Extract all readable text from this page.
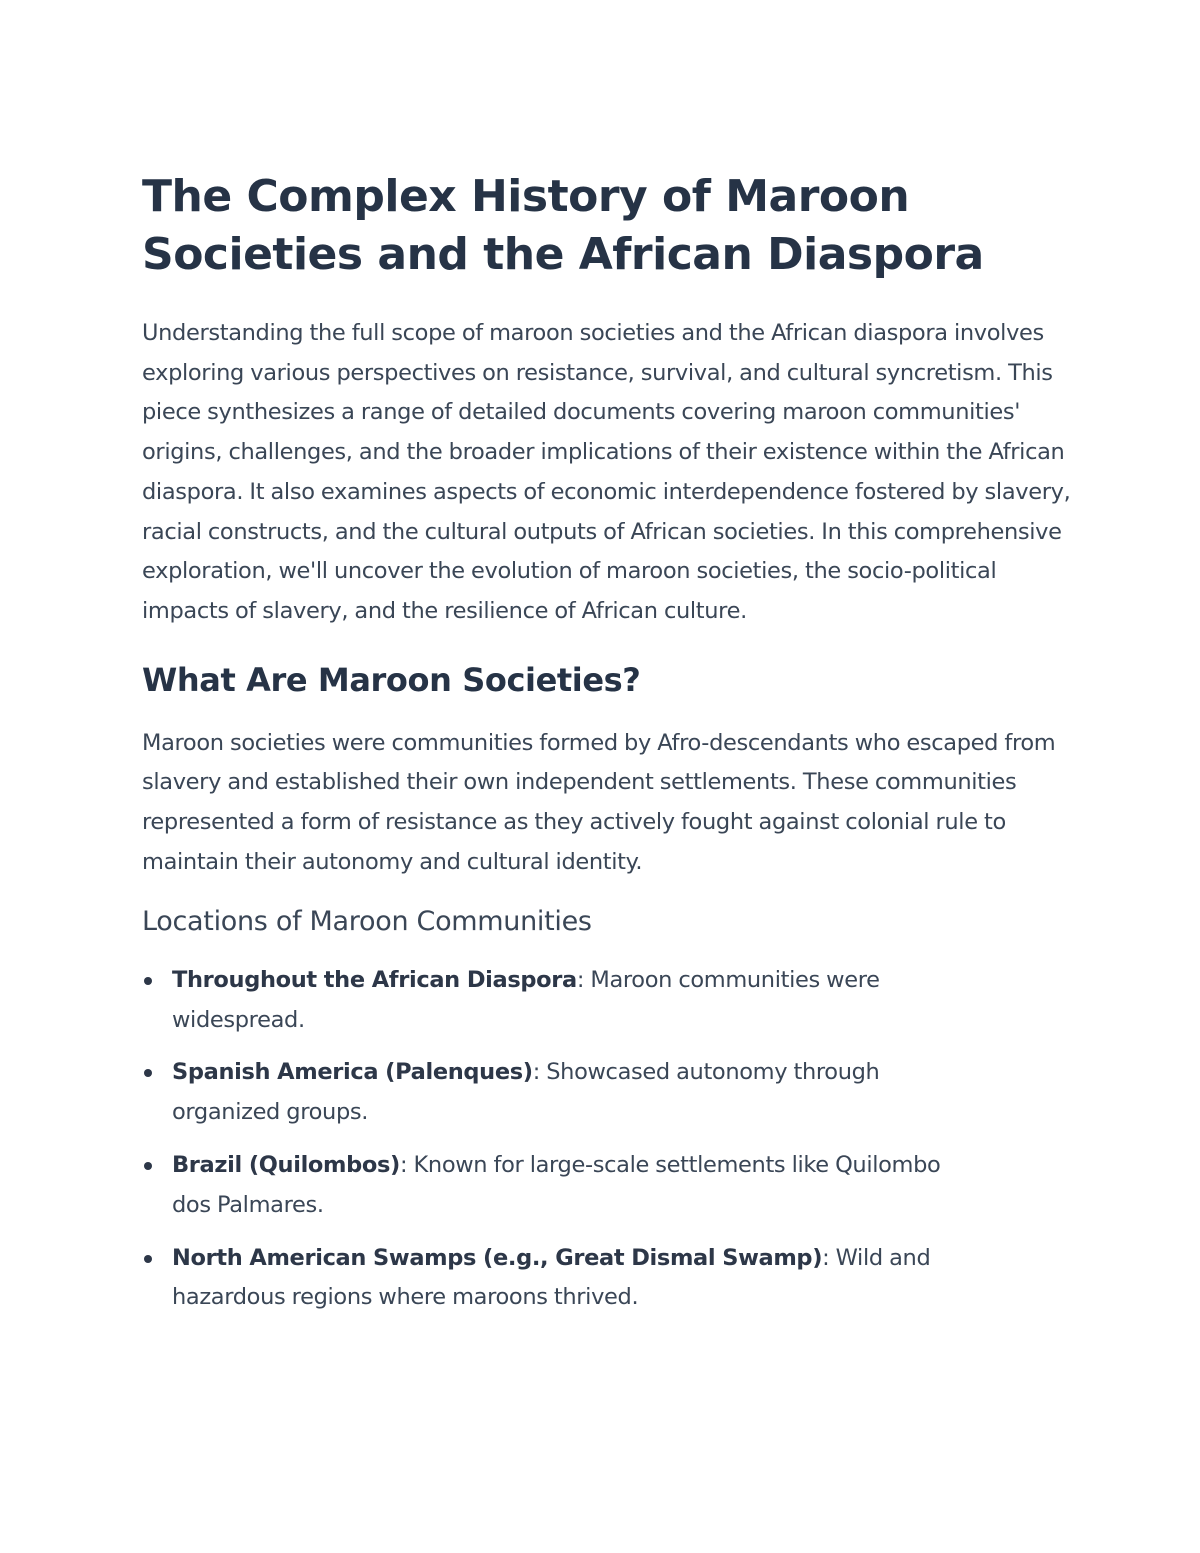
The Complex History of Maroon Societies and the African Diaspora

Understanding the full scope of maroon societies and the African diaspora involves exploring various perspectives on resistance, survival, and cultural syncretism. This piece synthesizes a range of detailed documents covering maroon communities' origins, challenges, and the broader implications of their existence within the African diaspora. It also examines aspects of economic interdependence fostered by slavery, racial constructs, and the cultural outputs of African societies. In this comprehensive exploration, we'll uncover the evolution of maroon societies, the socio-political impacts of slavery, and the resilience of African culture.

What Are Maroon Societies?

Maroon societies were communities formed by Afro-descendants who escaped from slavery and established their own independent settlements. These communities represented a form of resistance as they actively fought against colonial rule to maintain their autonomy and cultural identity.

Locations of Maroon Communities
Throughout the African Diaspora: Maroon communities were widespread.
Spanish America (Palenques): Showcased autonomy through organized groups.
Brazil (Quilombos): Known for large-scale settlements like Quilombo dos Palmares.
North American Swamps (e.g., Great Dismal Swamp): Wild and hazardous regions where maroons thrived.
